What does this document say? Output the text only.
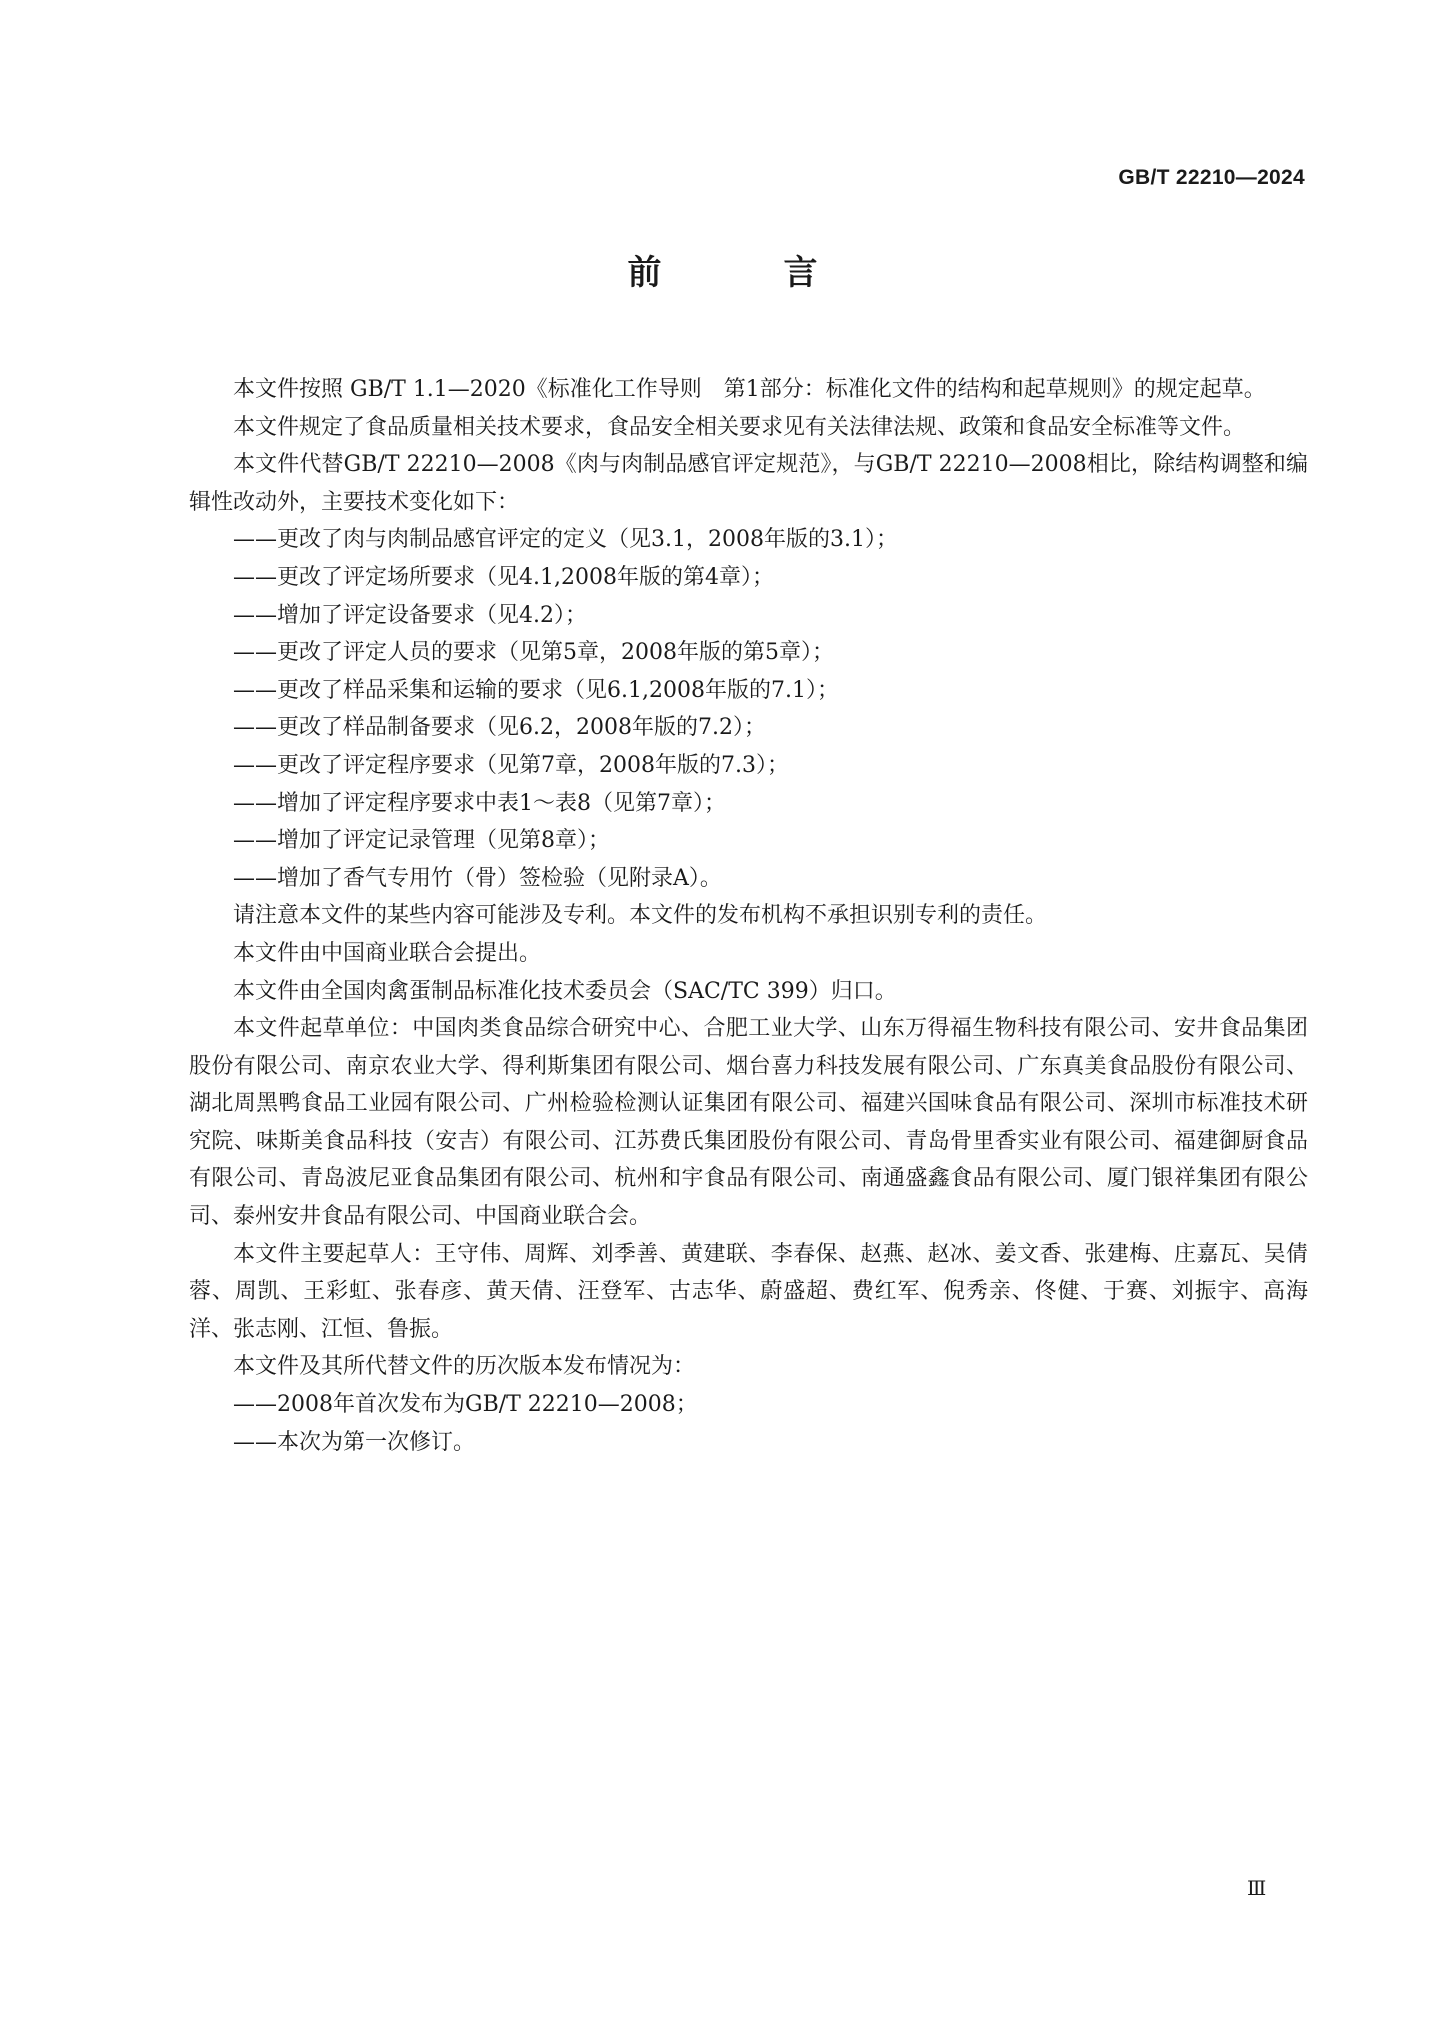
GB/T 22210—2024
前　言

本文件按照 GB/T 1.1—2020《标准化工作导则　第1部分：标准化文件的结构和起草规则》的规定起草。

本文件规定了食品质量相关技术要求，食品安全相关要求见有关法律法规、政策和食品安全标准等文件。

本文件代替GB/T 22210—2008《肉与肉制品感官评定规范》，与GB/T 22210—2008相比，除结构调整和编辑性改动外，主要技术变化如下：

——更改了肉与肉制品感官评定的定义（见3.1，2008年版的3.1）；

——更改了评定场所要求（见4.1,2008年版的第4章）；

——增加了评定设备要求（见4.2）；

——更改了评定人员的要求（见第5章，2008年版的第5章）；

——更改了样品采集和运输的要求（见6.1,2008年版的7.1）；

——更改了样品制备要求（见6.2，2008年版的7.2）；

——更改了评定程序要求（见第7章，2008年版的7.3）；

——增加了评定程序要求中表1～表8（见第7章）；

——增加了评定记录管理（见第8章）；

——增加了香气专用竹（骨）签检验（见附录A）。

请注意本文件的某些内容可能涉及专利。本文件的发布机构不承担识别专利的责任。

本文件由中国商业联合会提出。

本文件由全国肉禽蛋制品标准化技术委员会（SAC/TC 399）归口。

本文件起草单位：中国肉类食品综合研究中心、合肥工业大学、山东万得福生物科技有限公司、安井食品集团股份有限公司、南京农业大学、得利斯集团有限公司、烟台喜力科技发展有限公司、广东真美食品股份有限公司、湖北周黑鸭食品工业园有限公司、广州检验检测认证集团有限公司、福建兴国味食品有限公司、深圳市标准技术研究院、味斯美食品科技（安吉）有限公司、江苏费氏集团股份有限公司、青岛骨里香实业有限公司、福建御厨食品有限公司、青岛波尼亚食品集团有限公司、杭州和宇食品有限公司、南通盛鑫食品有限公司、厦门银祥集团有限公司、泰州安井食品有限公司、中国商业联合会。

本文件主要起草人：王守伟、周辉、刘季善、黄建联、李春保、赵燕、赵冰、姜文香、张建梅、庄嘉瓦、吴倩蓉、周凯、王彩虹、张春彦、黄天倩、汪登军、古志华、蔚盛超、费红军、倪秀亲、佟健、于赛、刘振宇、高海洋、张志刚、江恒、鲁振。

本文件及其所代替文件的历次版本发布情况为：

——2008年首次发布为GB/T 22210—2008；

——本次为第一次修订。

Ⅲ
